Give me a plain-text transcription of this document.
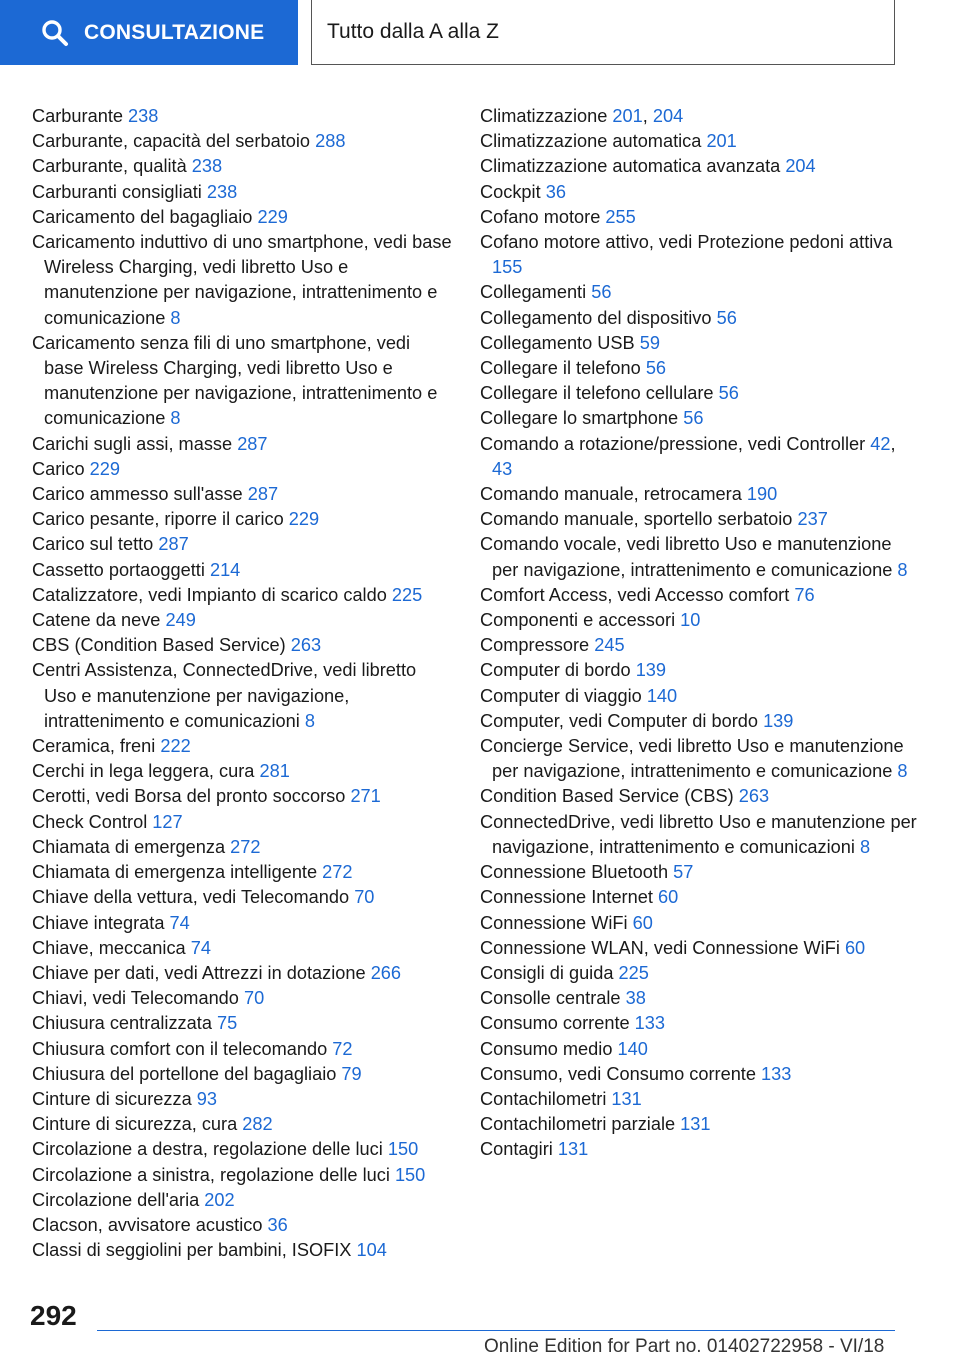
CONSULTAZIONE	Tutto dalla A alla Z
Carburante 238
Carburante, capacità del serbatoio 288
Carburante, qualità 238
Carburanti consigliati 238
Caricamento del bagagliaio 229
Caricamento induttivo di uno smartphone, vedi base Wireless Charging, vedi libretto Uso e manutenzione per navigazione, intrattenimento e comunicazione 8
Caricamento senza fili di uno smartphone, vedi base Wireless Charging, vedi libretto Uso e manutenzione per navigazione, intrattenimento e comunicazione 8
Carichi sugli assi, masse 287
Carico 229
Carico ammesso sull'asse 287
Carico pesante, riporre il carico 229
Carico sul tetto 287
Cassetto portaoggetti 214
Catalizzatore, vedi Impianto di scarico caldo 225
Catene da neve 249
CBS (Condition Based Service) 263
Centri Assistenza, ConnectedDrive, vedi libretto Uso e manutenzione per navigazione, intrattenimento e comunicazioni 8
Ceramica, freni 222
Cerchi in lega leggera, cura 281
Cerotti, vedi Borsa del pronto soccorso 271
Check Control 127
Chiamata di emergenza 272
Chiamata di emergenza intelligente 272
Chiave della vettura, vedi Telecomando 70
Chiave integrata 74
Chiave, meccanica 74
Chiave per dati, vedi Attrezzi in dotazione 266
Chiavi, vedi Telecomando 70
Chiusura centralizzata 75
Chiusura comfort con il telecomando 72
Chiusura del portellone del bagagliaio 79
Cinture di sicurezza 93
Cinture di sicurezza, cura 282
Circolazione a destra, regolazione delle luci 150
Circolazione a sinistra, regolazione delle luci 150
Circolazione dell'aria 202
Clacson, avvisatore acustico 36
Classi di seggiolini per bambini, ISOFIX 104
Climatizzazione 201, 204
Climatizzazione automatica 201
Climatizzazione automatica avanzata 204
Cockpit 36
Cofano motore 255
Cofano motore attivo, vedi Protezione pedoni attiva 155
Collegamenti 56
Collegamento del dispositivo 56
Collegamento USB 59
Collegare il telefono 56
Collegare il telefono cellulare 56
Collegare lo smartphone 56
Comando a rotazione/pressione, vedi Controller 42, 43
Comando manuale, retrocamera 190
Comando manuale, sportello serbatoio 237
Comando vocale, vedi libretto Uso e manutenzione per navigazione, intrattenimento e comunicazione 8
Comfort Access, vedi Accesso comfort 76
Componenti e accessori 10
Compressore 245
Computer di bordo 139
Computer di viaggio 140
Computer, vedi Computer di bordo 139
Concierge Service, vedi libretto Uso e manutenzione per navigazione, intrattenimento e comunicazione 8
Condition Based Service (CBS) 263
ConnectedDrive, vedi libretto Uso e manutenzione per navigazione, intrattenimento e comunicazioni 8
Connessione Bluetooth 57
Connessione Internet 60
Connessione WiFi 60
Connessione WLAN, vedi Connessione WiFi 60
Consigli di guida 225
Consolle centrale 38
Consumo corrente 133
Consumo medio 140
Consumo, vedi Consumo corrente 133
Contachilometri 131
Contachilometri parziale 131
Contagiri 131
292
Online Edition for Part no. 01402722958 - VI/18
